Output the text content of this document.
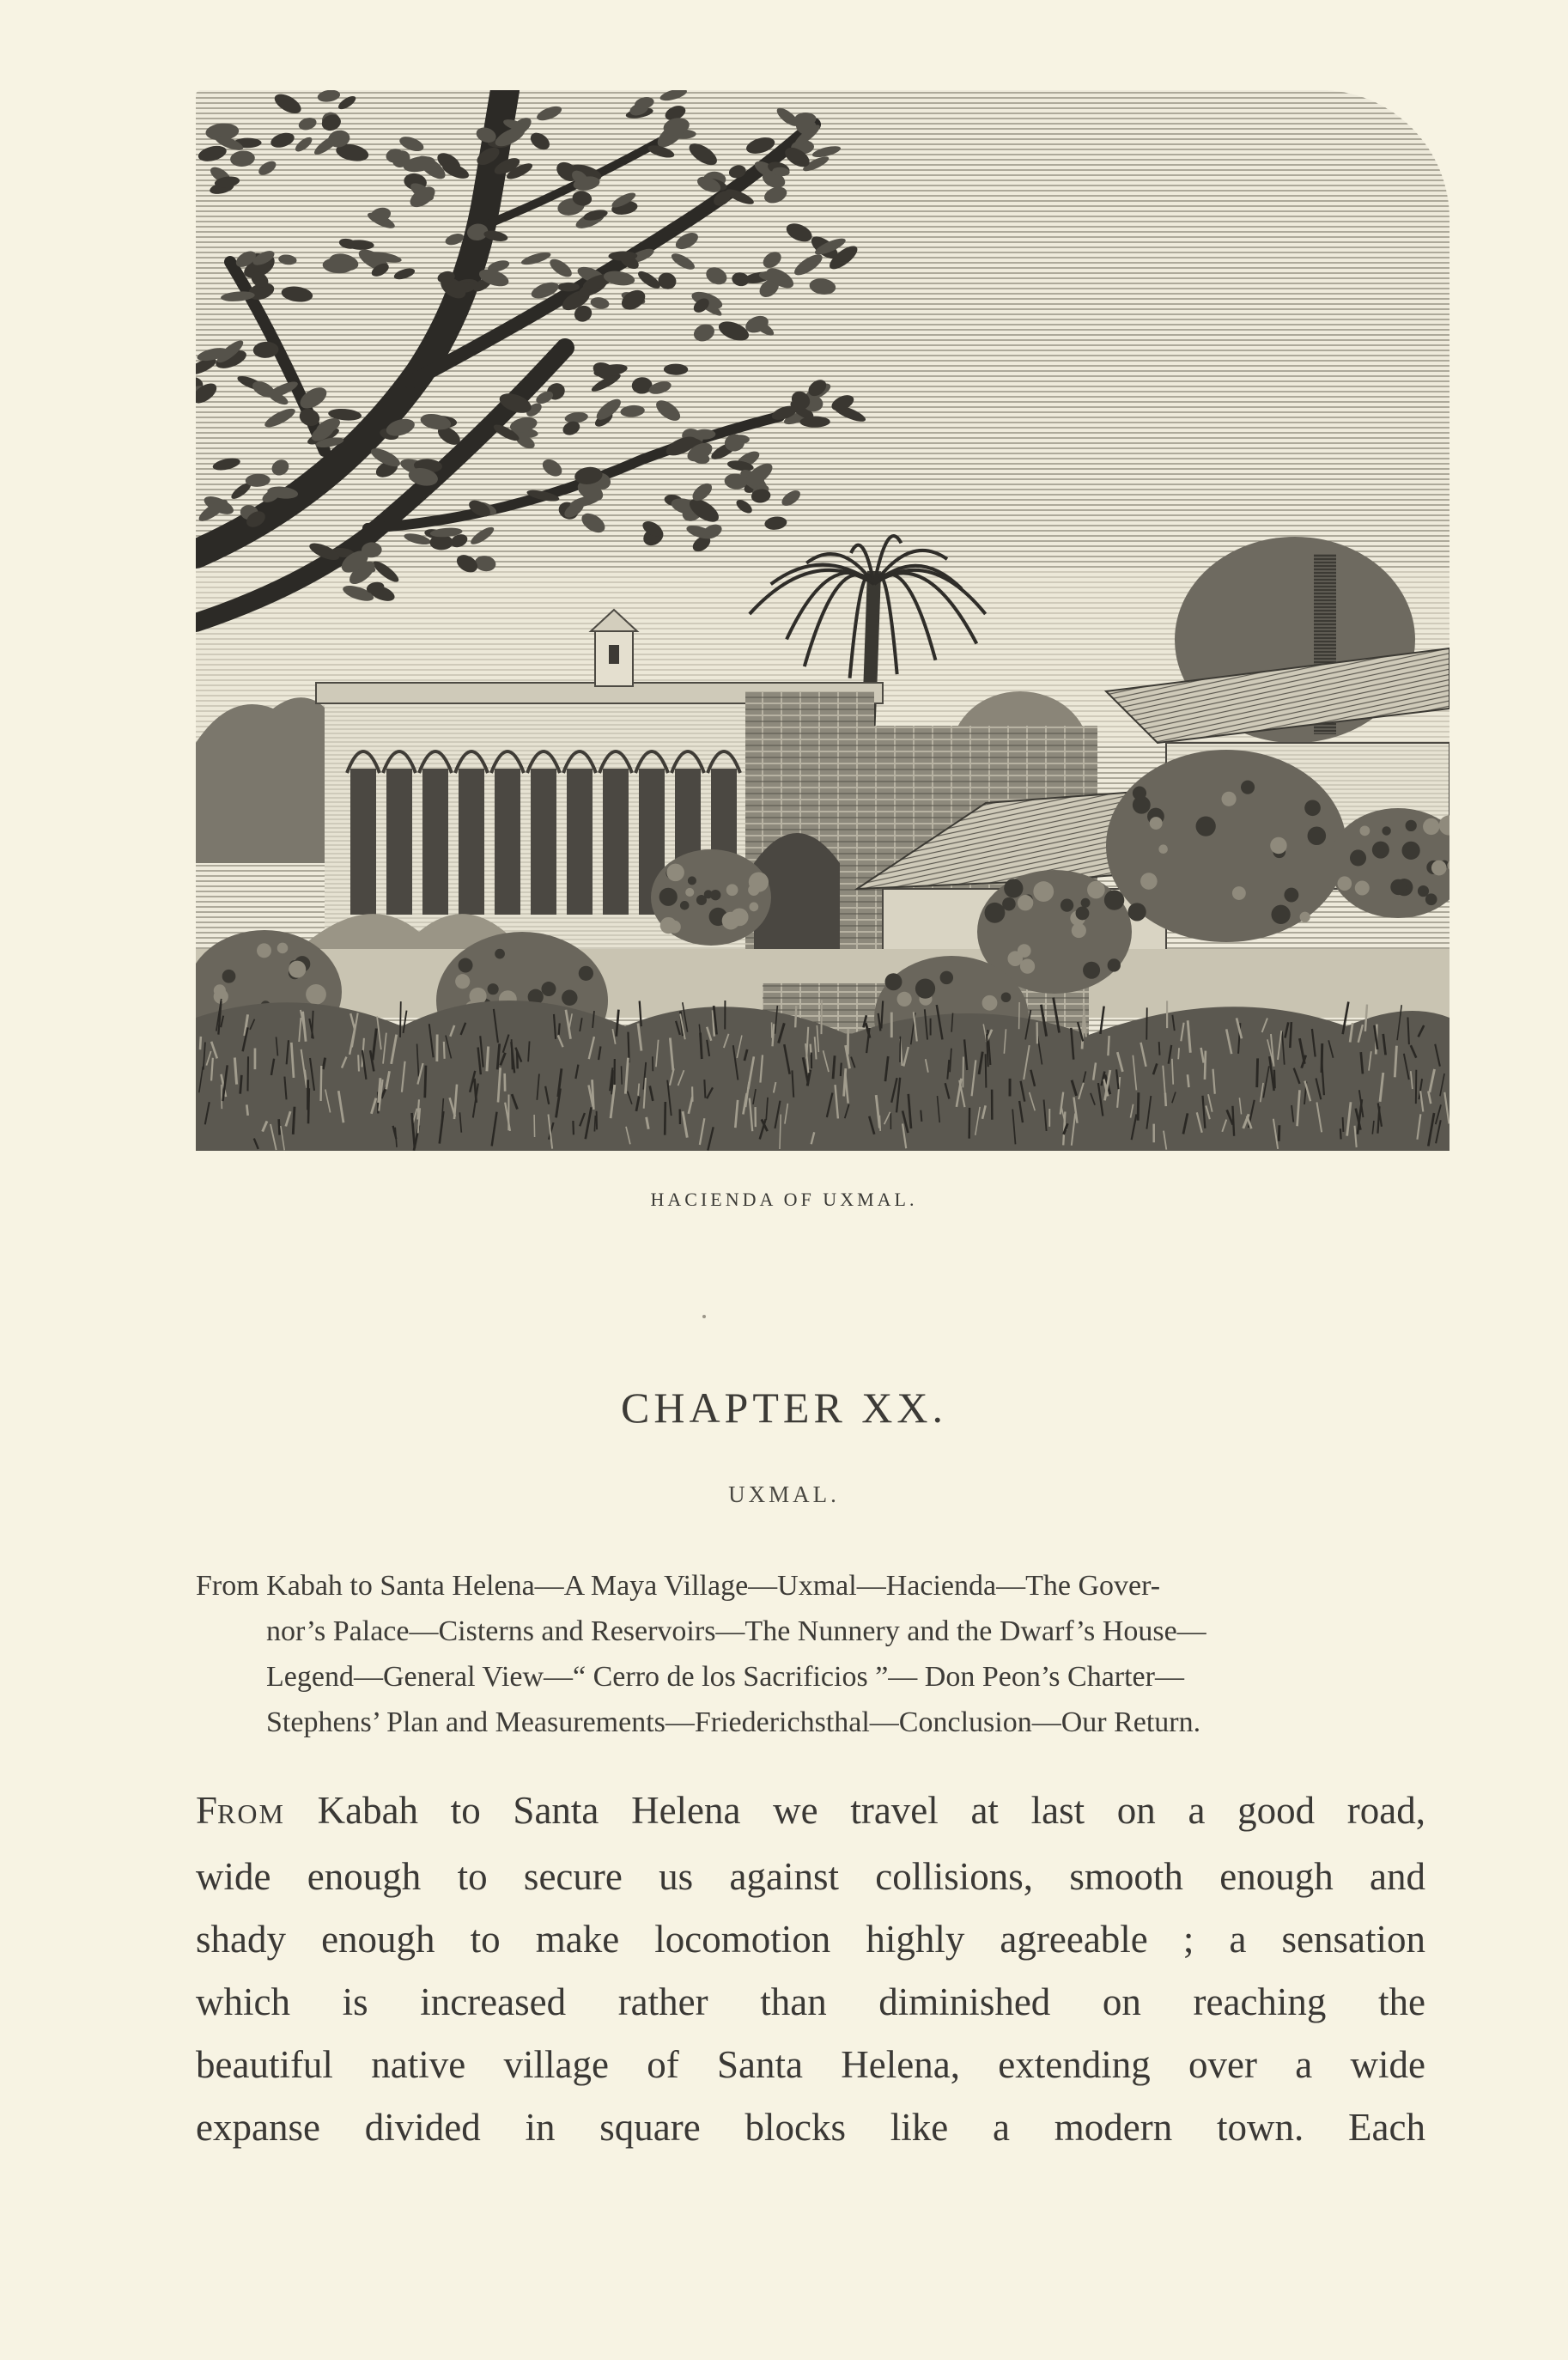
HACIENDA OF UXMAL.
CHAPTER XX.
UXMAL.
From Kabah to Santa Helena—A Maya Village—Uxmal—Hacienda—The Gover-
nor’s Palace—Cisterns and Reservoirs—The Nunnery and the Dwarf’s House—
Legend—General View—“ Cerro de los Sacrificios ”— Don Peon’s Charter—
Stephens’ Plan and Measurements—Friederichsthal—Conclusion—Our Return.
FROM Kabah to Santa Helena we travel at last on a good road,
wide enough to secure us against collisions, smooth enough and
shady enough to make locomotion highly agreeable ; a sensation
which is increased rather than diminished on reaching the
beautiful native village of Santa Helena, extending over a wide
expanse divided in square blocks like a modern town. Each
